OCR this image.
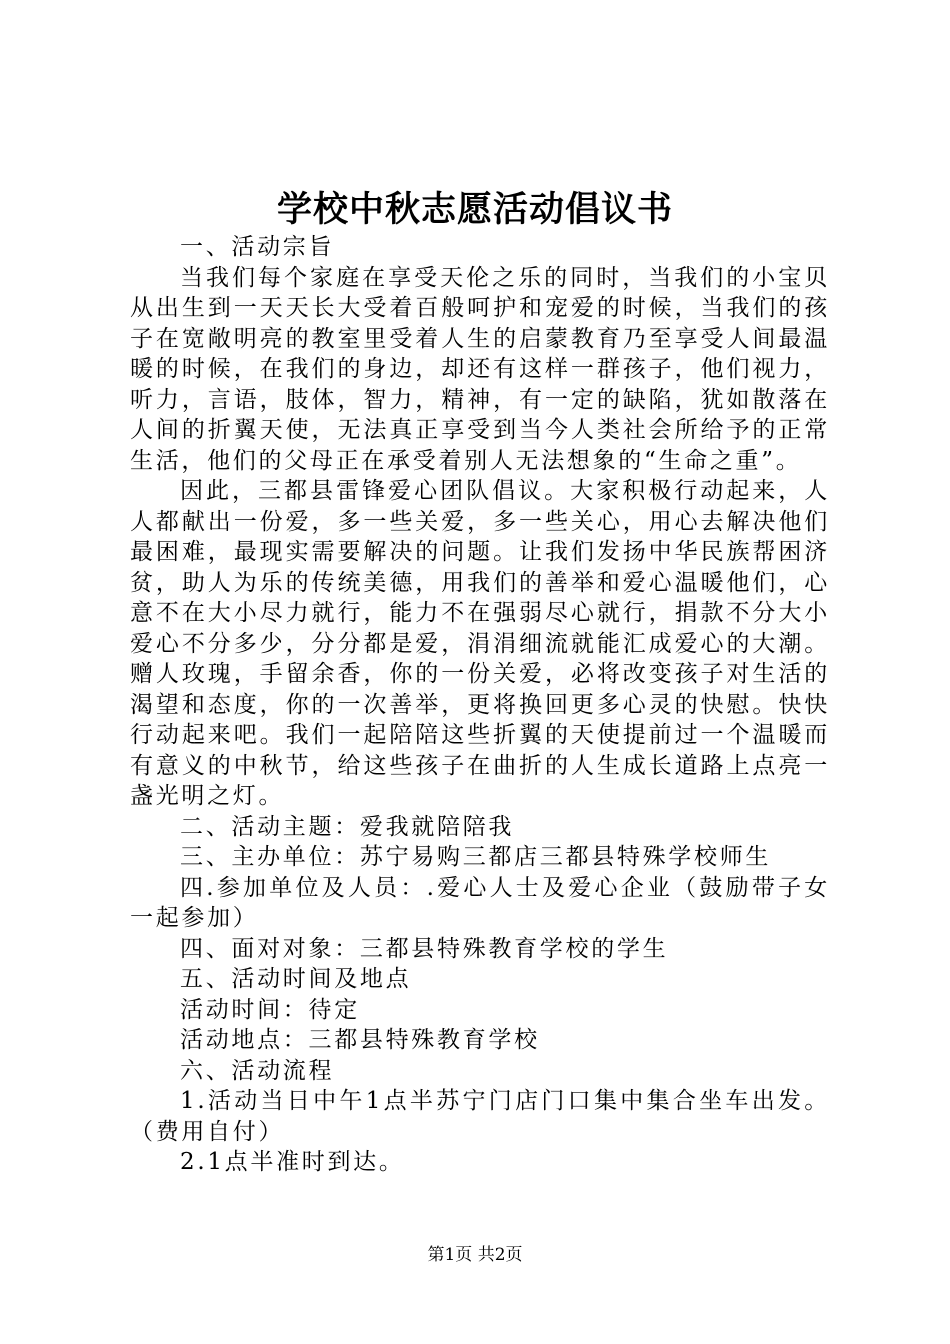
学校中秋志愿活动倡议书

一、活动宗旨

当我们每个家庭在享受天伦之乐的同时，当我们的小宝贝从出生到一天天长大受着百般呵护和宠爱的时候，当我们的孩子在宽敞明亮的教室里受着人生的启蒙教育乃至享受人间最温暖的时候，在我们的身边，却还有这样一群孩子，他们视力，听力，言语，肢体，智力，精神，有一定的缺陷，犹如散落在人间的折翼天使，无法真正享受到当今人类社会所给予的正常生活，他们的父母正在承受着别人无法想象的“生命之重”。

因此，三都县雷锋爱心团队倡议。大家积极行动起来，人人都献出一份爱，多一些关爱，多一些关心，用心去解决他们最困难，最现实需要解决的问题。让我们发扬中华民族帮困济贫，助人为乐的传统美德，用我们的善举和爱心温暖他们，心意不在大小尽力就行，能力不在强弱尽心就行，捐款不分大小爱心不分多少，分分都是爱，涓涓细流就能汇成爱心的大潮。赠人玫瑰，手留余香，你的一份关爱，必将改变孩子对生活的渴望和态度，你的一次善举，更将换回更多心灵的快慰。快快行动起来吧。我们一起陪陪这些折翼的天使提前过一个温暖而有意义的中秋节，给这些孩子在曲折的人生成长道路上点亮一盏光明之灯。

二、活动主题：爱我就陪陪我

三、主办单位：苏宁易购三都店三都县特殊学校师生

四.参加单位及人员：.爱心人士及爱心企业（鼓励带子女一起参加）

四、面对对象：三都县特殊教育学校的学生

五、活动时间及地点

活动时间：待定

活动地点：三都县特殊教育学校

六、活动流程

1.活动当日中午1点半苏宁门店门口集中集合坐车出发。（费用自付）

2.1点半准时到达。

第1页 共2页
